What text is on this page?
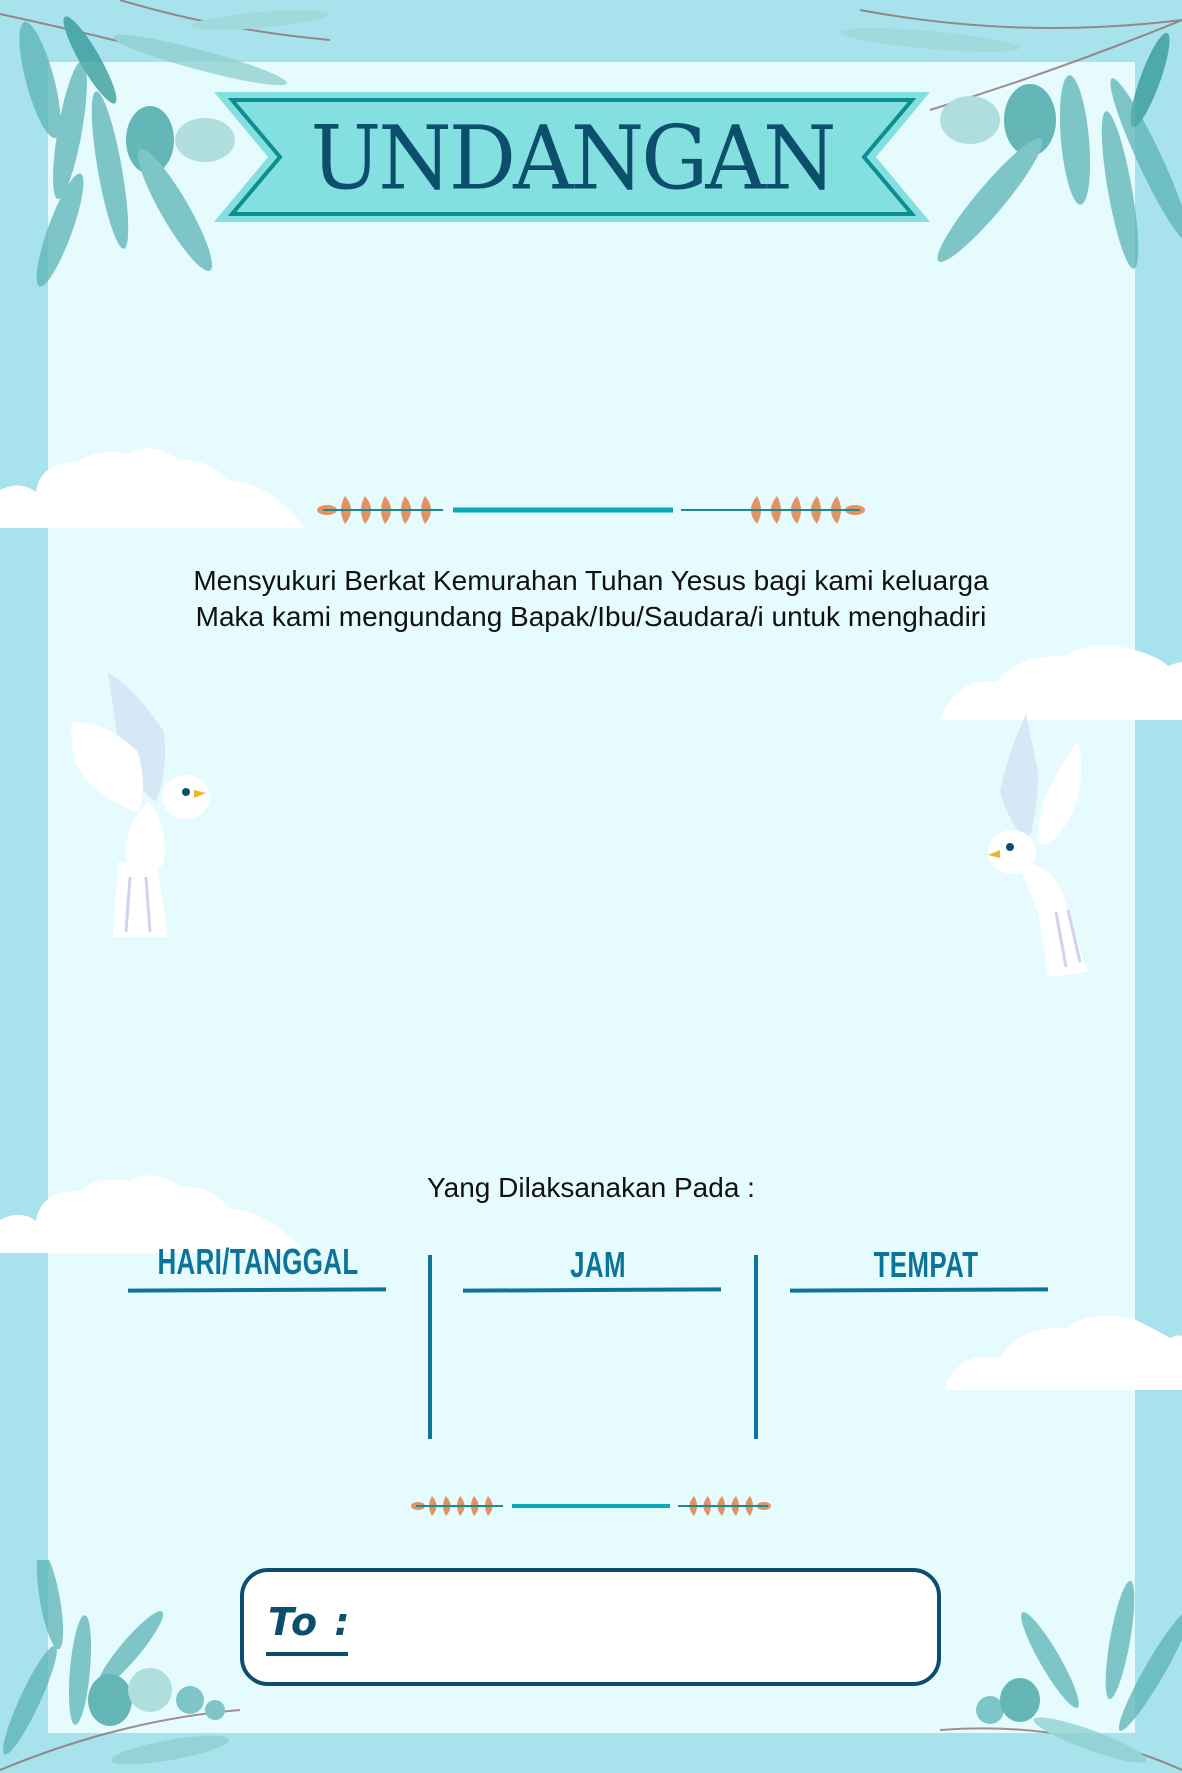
UNDANGAN
Mensyukuri Berkat Kemurahan Tuhan Yesus bagi kami keluarga
Maka kami mengundang Bapak/Ibu/Saudara/i untuk menghadiri
Yang Dilaksanakan Pada :
HARI/TANGGAL	JAM	TEMPAT
To :
